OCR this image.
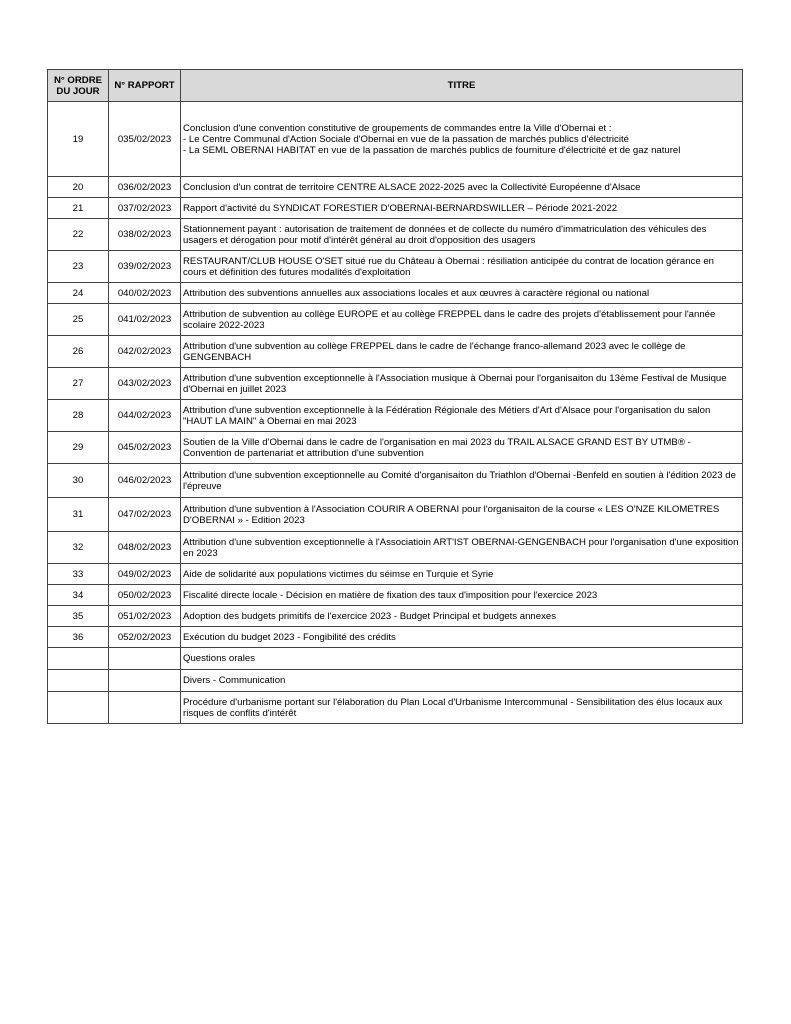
N° ORDRE DU JOUR	N° RAPPORT	TITRE
19	035/02/2023	Conclusion d'une convention constitutive de groupements de commandes entre la Ville d'Obernai et :
- Le Centre Communal d'Action Sociale d'Obernai en vue de la passation de marchés publics d'électricité
- La SEML OBERNAI HABITAT en vue de la passation de marchés publics de fourniture d'électricité et de gaz naturel
20	036/02/2023	Conclusion d'un contrat de territoire CENTRE ALSACE 2022-2025 avec la Collectivité Européenne d'Alsace
21	037/02/2023	Rapport d'activité du SYNDICAT FORESTIER D'OBERNAI-BERNARDSWILLER – Période 2021-2022
22	038/02/2023	Stationnement payant : autorisation de traitement de données et de collecte du numéro d'immatriculation des véhicules des usagers et dérogation pour motif d'intérêt général au droit d'opposition des usagers
23	039/02/2023	RESTAURANT/CLUB HOUSE O'SET situé rue du Château à Obernai : résiliation anticipée du contrat de location gérance en cours et définition des futures modalités d'exploitation
24	040/02/2023	Attribution des subventions annuelles aux associations locales et aux œuvres à caractère régional ou national
25	041/02/2023	Attribution de subvention au collège EUROPE et au collège FREPPEL dans le cadre des projets d'établissement pour l'année scolaire 2022-2023
26	042/02/2023	Attribution d'une subvention au collège FREPPEL dans le cadre de l'échange franco-allemand 2023 avec le collège de GENGENBACH
27	043/02/2023	Attribution d'une subvention exceptionnelle à l'Association musique à Obernai pour l'organisaiton du 13ème Festival de Musique d'Obernai en juillet 2023
28	044/02/2023	Attribution d'une subvention exceptionnelle à la Fédération Régionale des Métiers d'Art d'Alsace pour l'organisation du salon "HAUT LA MAIN" à Obernai en mai 2023
29	045/02/2023	Soutien de la Ville d'Obernai dans le cadre de l'organisation en mai 2023 du TRAIL ALSACE GRAND EST BY UTMB® - Convention de partenariat et attribution d'une subvention
30	046/02/2023	Attribution d'une subvention exceptionnelle au Comité d'organisaiton du Triathlon d'Obernai -Benfeld en soutien à l'édition 2023 de l'épreuve
31	047/02/2023	Attribution d'une subvention à l'Association COURIR A OBERNAI pour l'organisaiton de la course « LES O'NZE KILOMETRES D'OBERNAI » - Edition 2023
32	048/02/2023	Attribution d'une subvention exceptionnelle à l'Associatioin ART'IST OBERNAI-GENGENBACH pour l'organisation d'une exposition en 2023
33	049/02/2023	Aide de solidarité aux populations victimes du séimse en Turquie et Syrie
34	050/02/2023	Fiscalité directe locale - Décision en matière de fixation des taux d'imposition pour l'exercice 2023
35	051/02/2023	Adoption des budgets primitifs de l'exercice 2023 - Budget Principal et budgets annexes
36	052/02/2023	Exécution du budget 2023 - Fongibilité des crédits
		Questions orales
		Divers - Communication
		Procédure d'urbanisme portant sur l'élaboration du Plan Local d'Urbanisme Intercommunal - Sensibilitation des élus locaux aux risques de conflits d'intérêt
